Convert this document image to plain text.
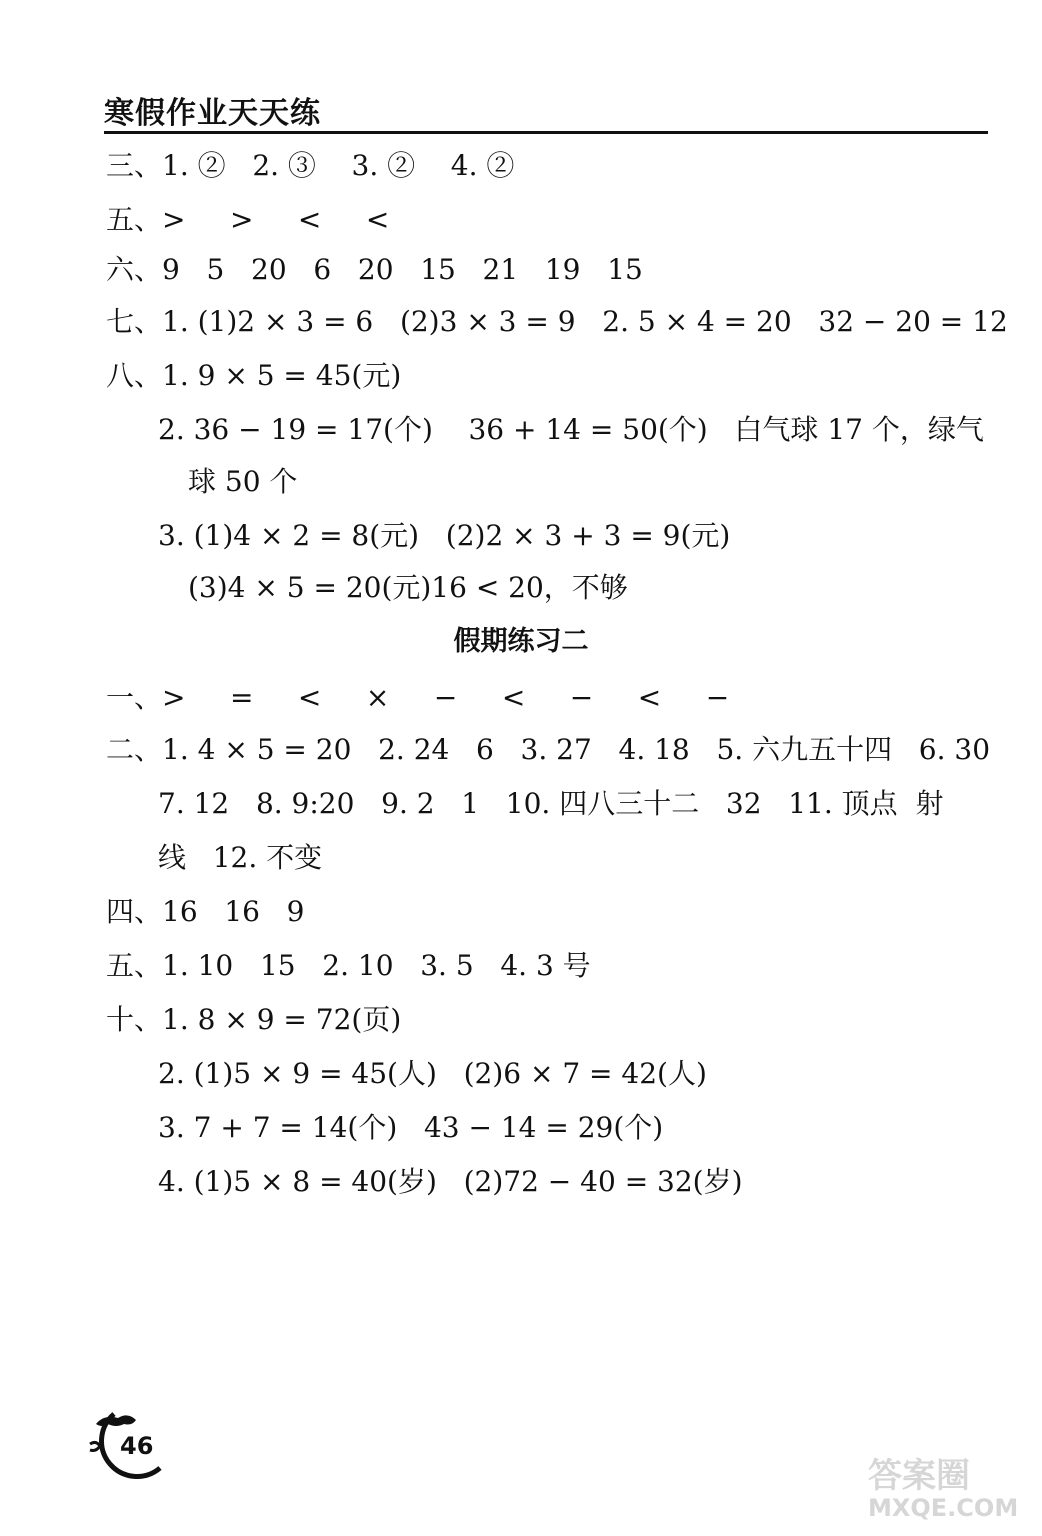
寒假作业天天练
三、1. ②   2. ③    3. ②    4. ②
五、>     >     <     <
六、9   5   20   6   20   15   21   19   15
七、1. (1)2 × 3 = 6   (2)3 × 3 = 9   2. 5 × 4 = 20   32 − 20 = 12
八、1. 9 × 5 = 45(元)
2. 36 − 19 = 17(个)    36 + 14 = 50(个)   白气球 17 个，绿气
球 50 个
3. (1)4 × 2 = 8(元)   (2)2 × 3 + 3 = 9(元)
(3)4 × 5 = 20(元)16 < 20，不够
假期练习二
一、>     =     <     ×     −     <     −     <     −
二、1. 4 × 5 = 20   2. 24   6   3. 27   4. 18   5. 六九五十四   6. 30
7. 12   8. 9:20   9. 2   1   10. 四八三十二   32   11. 顶点  射
线   12. 不变
四、16   16   9
五、1. 10   15   2. 10   3. 5   4. 3 号
十、1. 8 × 9 = 72(页)
2. (1)5 × 9 = 45(人)   (2)6 × 7 = 42(人)
3. 7 + 7 = 14(个)   43 − 14 = 29(个)
4. (1)5 × 8 = 40(岁)   (2)72 − 40 = 32(岁)
46
答案圈
MXQE.COM
